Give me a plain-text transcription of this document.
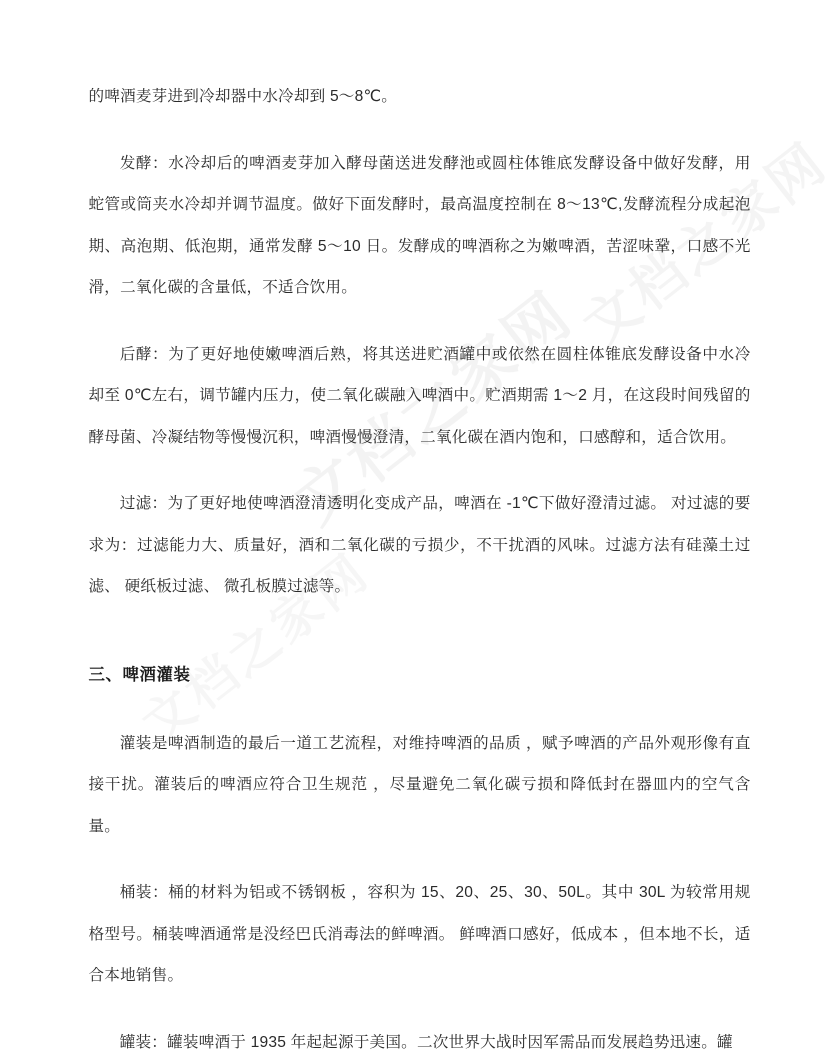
的啤酒麦芽进到冷却器中水冷却到 5～8℃。

发酵：水冷却后的啤酒麦芽加入酵母菌送进发酵池或圆柱体锥底发酵设备中做好发酵，用蛇管或筒夹水冷却并调节温度。做好下面发酵时，最高温度控制在 8～13℃,发酵流程分成起泡期、高泡期、低泡期，通常发酵 5～10 日。发酵成的啤酒称之为嫩啤酒，苦涩味鞏，口感不光滑，二氧化碳的含量低，不适合饮用。

后酵：为了更好地使嫩啤酒后熟，将其送进贮酒罐中或依然在圆柱体锥底发酵设备中水冷却至 0℃左右，调节罐内压力，使二氧化碳融入啤酒中。贮酒期需 1～2 月，在这段时间残留的酵母菌、冷凝结物等慢慢沉积，啤酒慢慢澄清，二氧化碳在酒内饱和，口感醇和，适合饮用。

过滤：为了更好地使啤酒澄清透明化变成产品，啤酒在 -1℃下做好澄清过滤。 对过滤的要求为：过滤能力大、质量好，酒和二氧化碳的亏损少，不干扰酒的风味。过滤方法有硅藻土过滤、 硬纸板过滤、 微孔板膜过滤等。

三、啤酒灌装

灌装是啤酒制造的最后一道工艺流程，对维持啤酒的品质 ，赋予啤酒的产品外观形像有直接干扰。灌装后的啤酒应符合卫生规范 ，尽量避免二氧化碳亏损和降低封在器皿内的空气含量。

桶装：桶的材料为铝或不锈钢板 ，容积为 15、20、25、30、50L。其中 30L 为较常用规格型号。桶装啤酒通常是没经巴氏消毒法的鲜啤酒。 鲜啤酒口感好，低成本 ，但本地不长，适合本地销售。

罐装：罐装啤酒于 1935 年起起源于美国。二次世界大战时因军需品而发展趋势迅速。罐
